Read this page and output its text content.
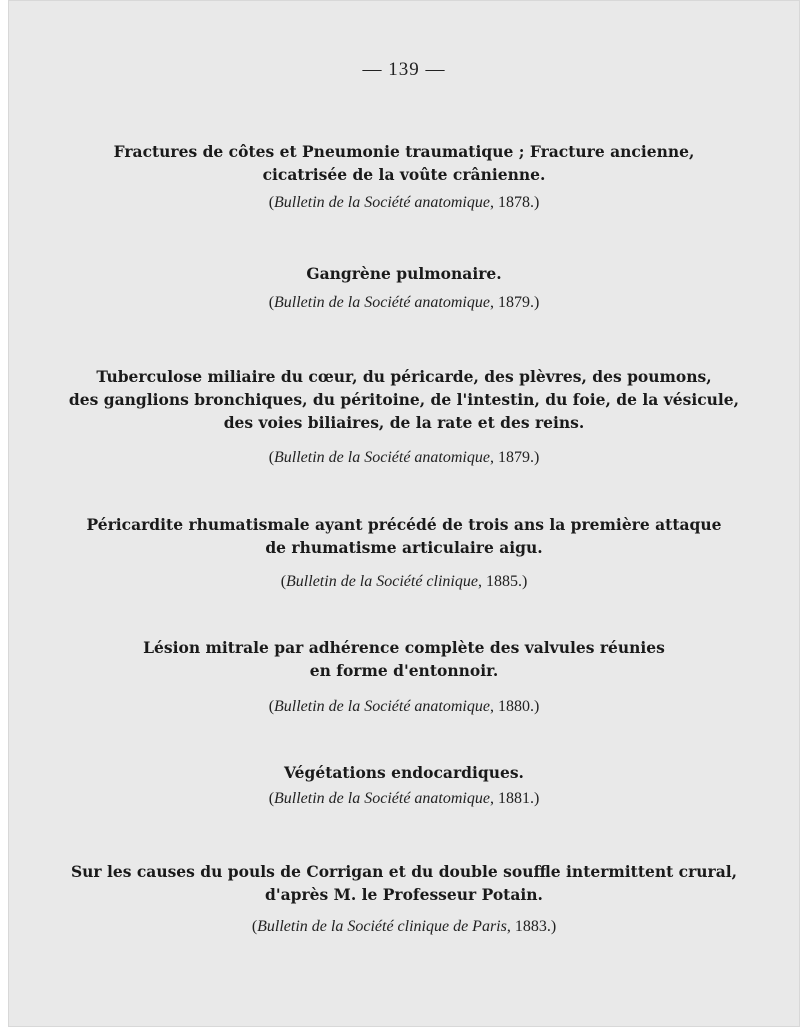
— 139 —

Fractures de côtes et Pneumonie traumatique ; Fracture ancienne,
cicatrisée de la voûte crânienne.

(Bulletin de la Société anatomique, 1878.)

Gangrène pulmonaire.

(Bulletin de la Société anatomique, 1879.)

Tuberculose miliaire du cœur, du péricarde, des plèvres, des poumons,
des ganglions bronchiques, du péritoine, de l'intestin, du foie, de la vésicule,
des voies biliaires, de la rate et des reins.

(Bulletin de la Société anatomique, 1879.)

Péricardite rhumatismale ayant précédé de trois ans la première attaque
de rhumatisme articulaire aigu.

(Bulletin de la Société clinique, 1885.)

Lésion mitrale par adhérence complète des valvules réunies
en forme d'entonnoir.

(Bulletin de la Société anatomique, 1880.)

Végétations endocardiques.

(Bulletin de la Société anatomique, 1881.)

Sur les causes du pouls de Corrigan et du double souffle intermittent crural,
d'après M. le Professeur Potain.

(Bulletin de la Société clinique de Paris, 1883.)
